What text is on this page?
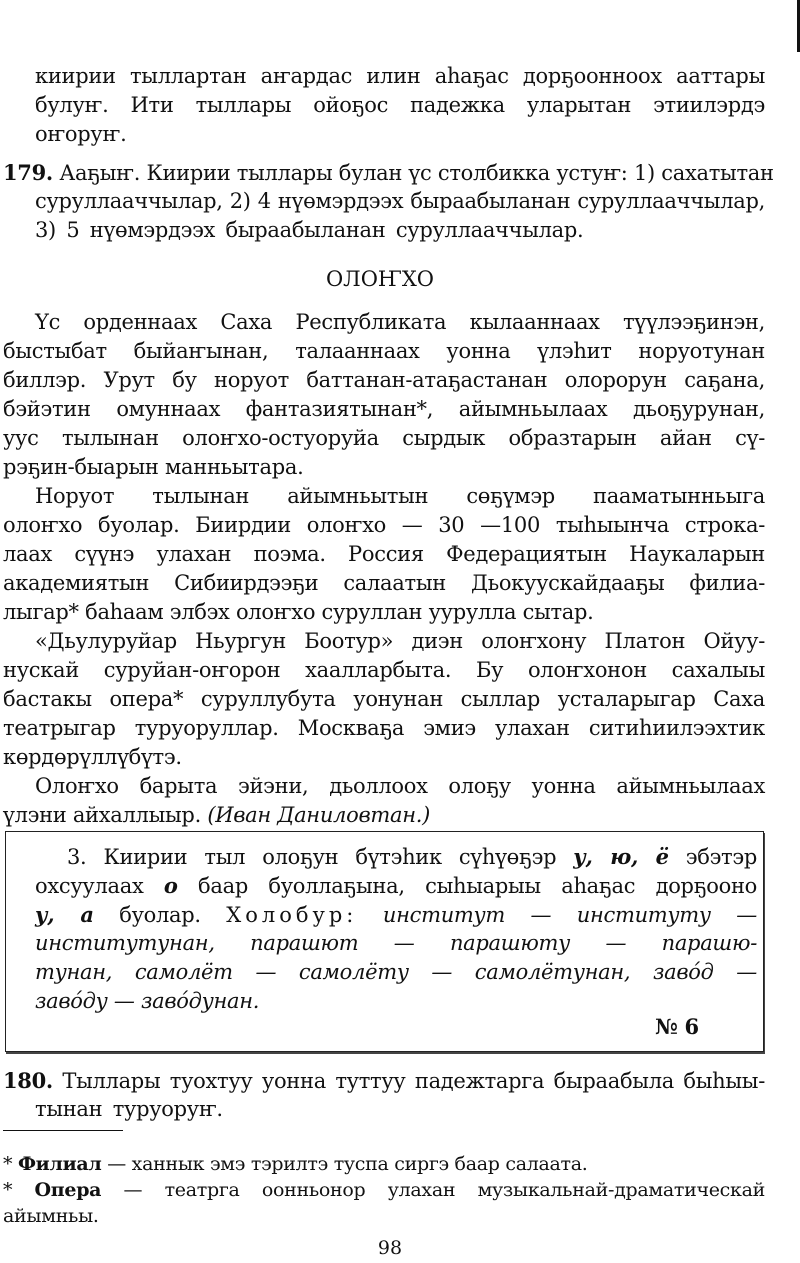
киирии тыллартан аҥардас илин аһаҕас дорҕоонноох ааттары
булуҥ. Ити тыллары ойоҕос падежка уларытан этиилэрдэ
оҥоруҥ.
179. Ааҕыҥ. Киирии тыллары булан үс столбикка устуҥ: 1) сахатытан
суруллааччылар, 2) 4 нүөмэрдээх быраабыланан суруллааччылар,
3) 5 нүөмэрдээх быраабыланан суруллааччылар.
ОЛОҤХО
Үс орденнаах Саха Республиката кылааннаах түүлээҕинэн,
быстыбат быйаҥынан, талааннаах уонна үлэһит норуотунан
биллэр. Урут бу норуот баттанан-атаҕастанан олорорун саҕана,
бэйэтин омуннаах фантазиятынан*, айымньылаах дьоҕурунан,
уус тылынан олоҥхо-остуоруйа сырдык образтарын айан сү-
рэҕин-быарын манньытара.
Норуот тылынан айымньытын сөҕүмэр пааматынньыга
олоҥхо буолар. Биирдии олоҥхо — 30 —100 тыһыынча строка-
лаах сүүнэ улахан поэма. Россия Федерациятын Наукаларын
академиятын Сибиирдээҕи салаатын Дьокуускайдааҕы филиа-
лыгар* баһаам элбэх олоҥхо суруллан уурулла сытар.
«Дьулуруйар Ньургун Боотур» диэн олоҥхону Платон Ойуу-
нускай суруйан-оҥорон хаалларбыта. Бу олоҥхонон сахалыы
бастакы опера* суруллубута уонунан сыллар усталарыгар Саха
театрыгар туруоруллар. Москваҕа эмиэ улахан ситиһиилээхтик
көрдөрүллүбүтэ.
Олоҥхо барыта эйэни, дьоллоох олоҕу уонна айымньылаах
үлэни айхаллыыр. (Иван Даниловтан.)
3. Киирии тыл олоҕун бүтэһик сүһүөҕэр у, ю, ё эбэтэр
охсуулаах о баар буоллаҕына, сыһыарыы аһаҕас дорҕооно
у, а буолар. Холобур: институт — институту —
институтунан, парашют — парашюту — парашю-
тунан, самолёт — самолёту — самолётунан, заво́д —
заво́ду — заво́дунан.
№ 6
180. Тыллары туохтуу уонна туттуу падежтарга быраабыла быһыы-
тынан туруоруҥ.
* Филиал — ханнык эмэ тэрилтэ туспа сиргэ баар салаата.
* Опера — театрга оонньонор улахан музыкальнай-драматическай
айымньы.
98
